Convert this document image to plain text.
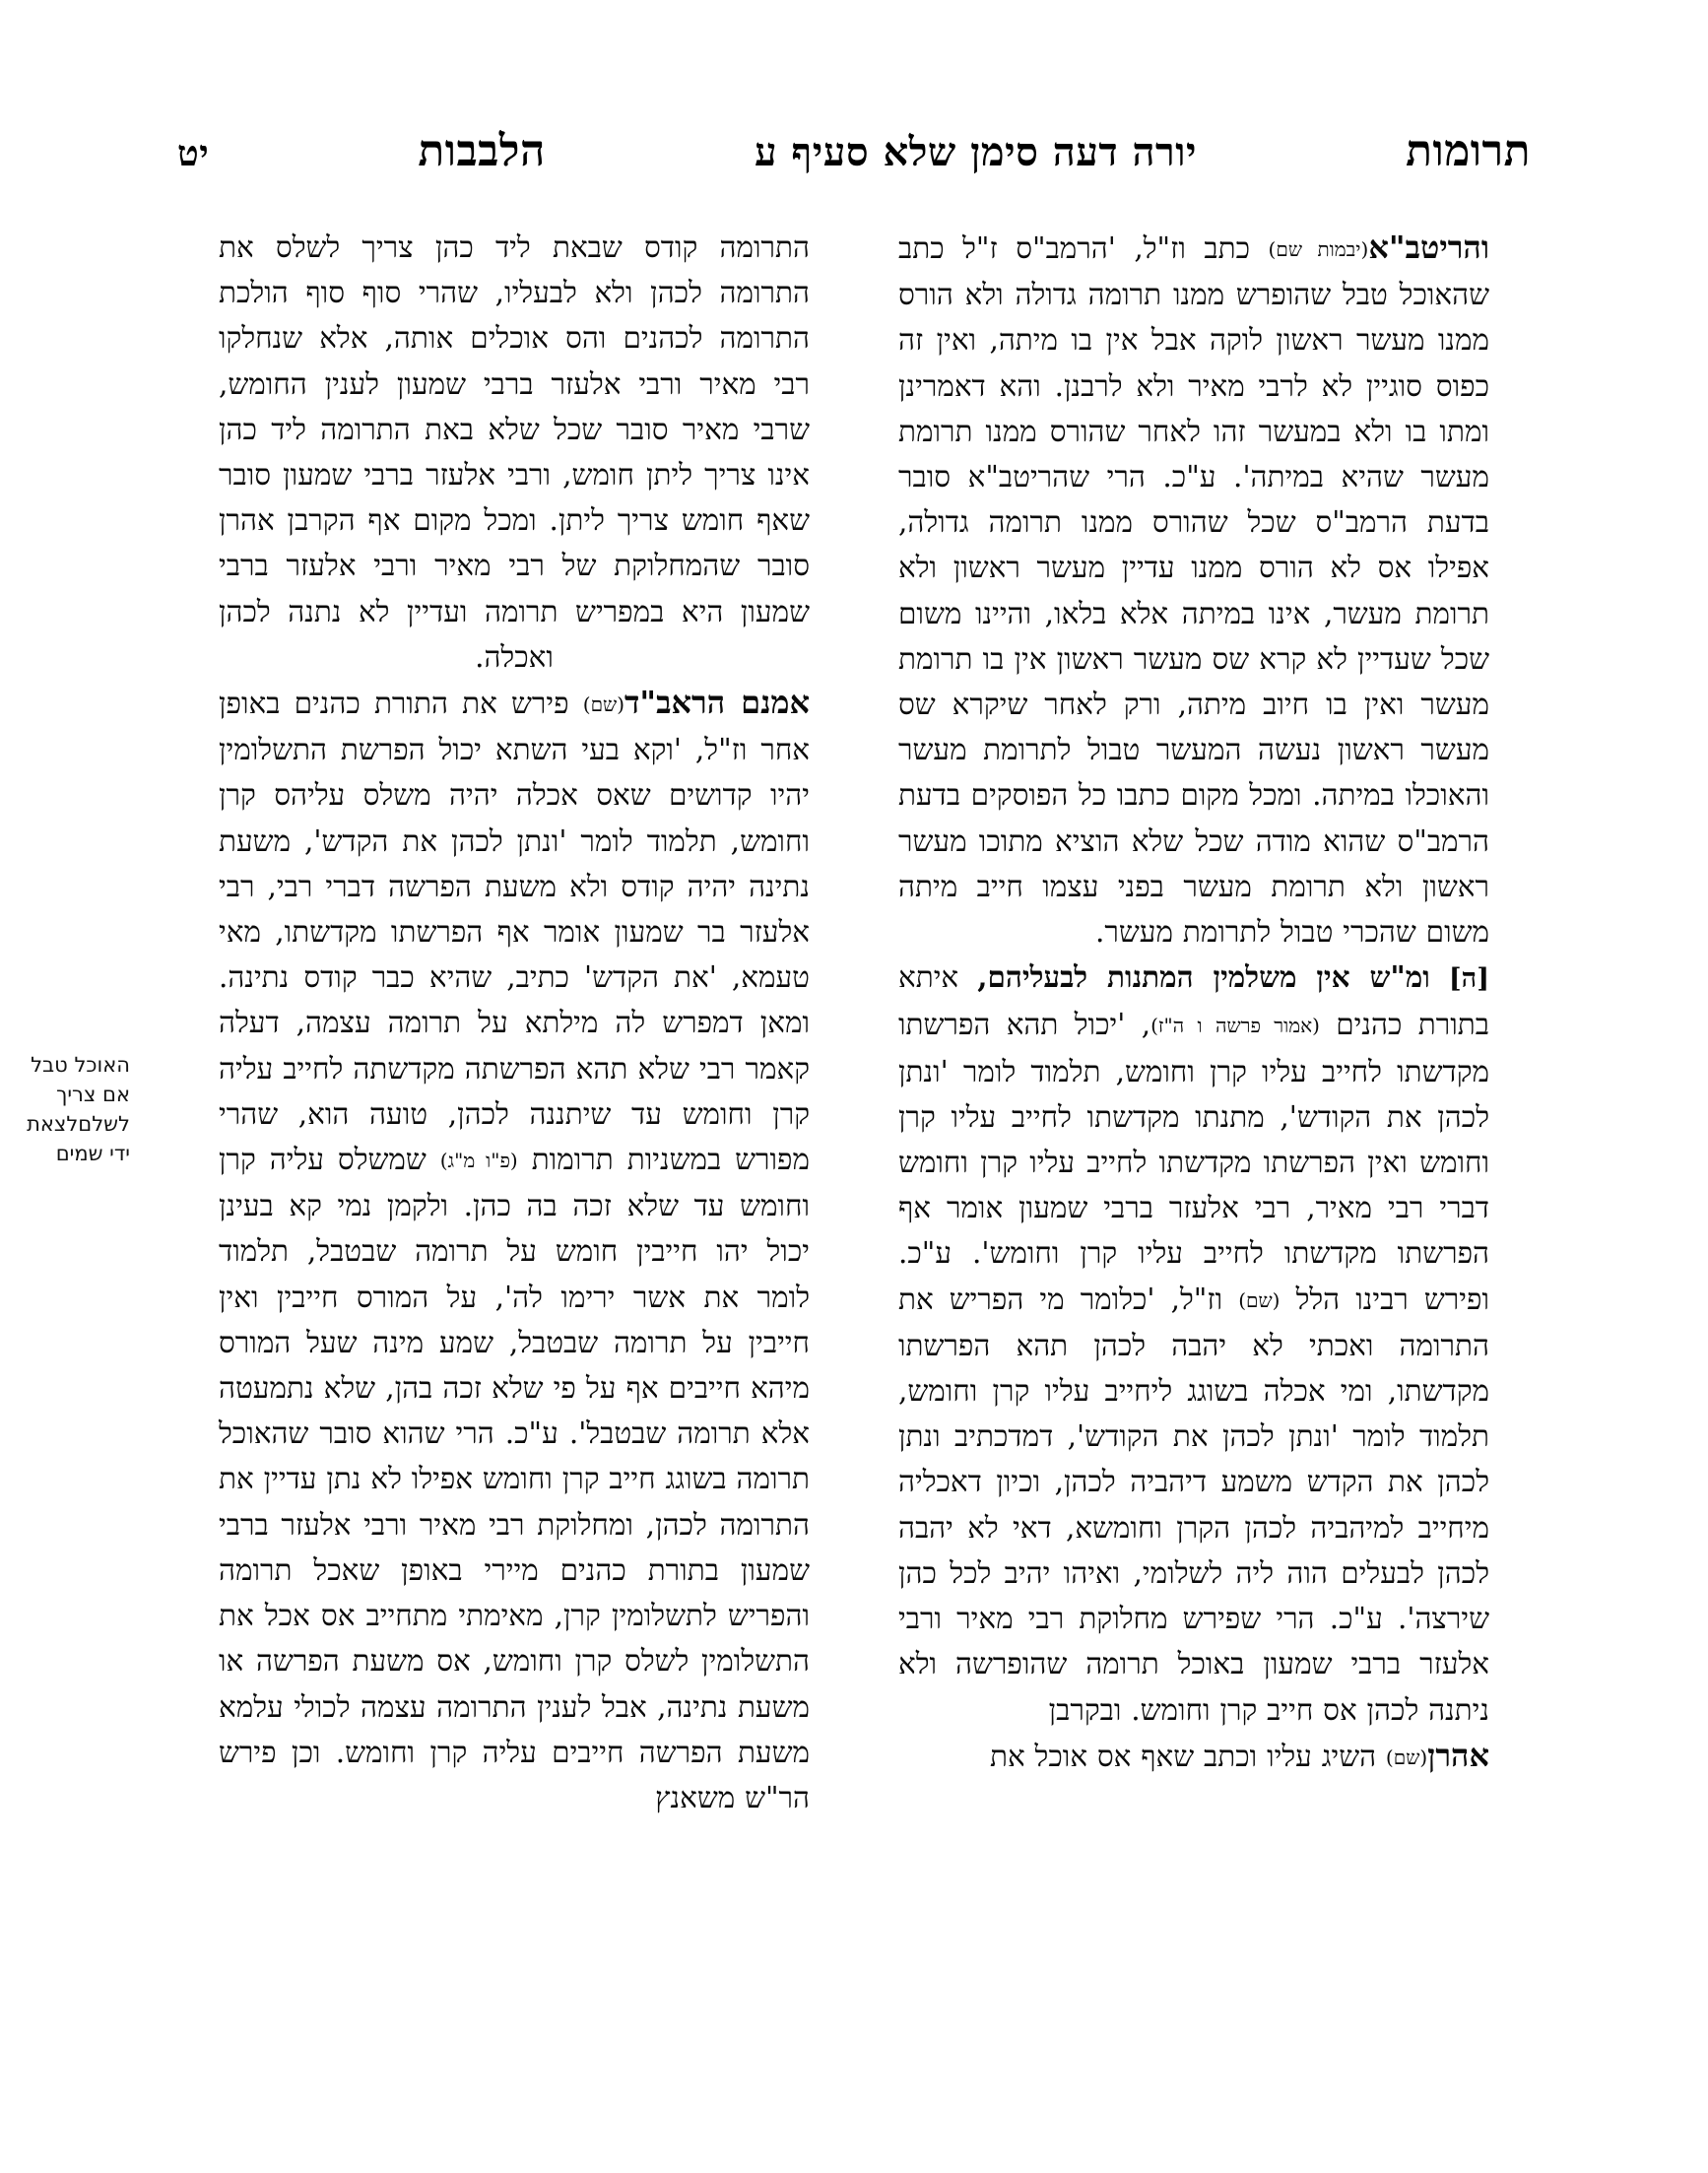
תרומות
יורה דעה סימן שלא סעיף ע
הלבבות
יט

והריטב"א(יבמות שם) כתב וז"ל, 'הרמב"ס ז"ל כתב שהאוכל טבל שהופרש ממנו תרומה גדולה ולא הורס ממנו מעשר ראשון לוקה אבל אין בו מיתה, ואין זה כפוס סוגיין לא לרבי מאיר ולא לרבנן. והא דאמרינן ומתו בו ולא במעשר זהו לאחר שהורס ממנו תרומת מעשר שהיא במיתה'. ע"כ. הרי שהריטב"א סובר בדעת הרמב"ס שכל שהורס ממנו תרומה גדולה, אפילו אס לא הורס ממנו עדיין מעשר ראשון ולא תרומת מעשר, אינו במיתה אלא בלאו, והיינו משום שכל שעדיין לא קרא שס מעשר ראשון אין בו תרומת מעשר ואין בו חיוב מיתה, ורק לאחר שיקרא שס מעשר ראשון נעשה המעשר טבול לתרומת מעשר והאוכלו במיתה. ומכל מקום כתבו כל הפוסקים בדעת הרמב"ס שהוא מודה שכל שלא הוציא מתוכו מעשר ראשון ולא תרומת מעשר בפני עצמו חייב מיתה משום שהכרי טבול לתרומת מעשר.

[ה] ומ"ש אין משלמין המתנות לבעליהם, איתא בתורת כהנים (אמור פרשה ו ה"ז), 'יכול תהא הפרשתו מקדשתו לחייב עליו קרן וחומש, תלמוד לומר 'ונתן לכהן את הקודש', מתנתו מקדשתו לחייב עליו קרן וחומש ואין הפרשתו מקדשתו לחייב עליו קרן וחומש דברי רבי מאיר, רבי אלעזר ברבי שמעון אומר אף הפרשתו מקדשתו לחייב עליו קרן וחומש'. ע"כ. ופירש רבינו הלל (שם) וז"ל, 'כלומר מי הפריש את התרומה ואכתי לא יהבה לכהן תהא הפרשתו מקדשתו, ומי אכלה בשוגג ליחייב עליו קרן וחומש, תלמוד לומר 'ונתן לכהן את הקודש', דמדכתיב ונתן לכהן את הקדש משמע דיהביה לכהן, וכיון דאכליה מיחייב למיהביה לכהן הקרן וחומשא, דאי לא יהבה לכהן לבעלים הוה ליה לשלומי, ואיהו יהיב לכל כהן שירצה'. ע"כ. הרי שפירש מחלוקת רבי מאיר ורבי אלעזר ברבי שמעון באוכל תרומה שהופרשה ולא ניתנה לכהן אס חייב קרן וחומש. ובקרבן

אהרן(שם) השיג עליו וכתב שאף אס אוכל את

התרומה קודס שבאת ליד כהן צריך לשלס את התרומה לכהן ולא לבעליו, שהרי סוף סוף הולכת התרומה לכהנים והס אוכלים אותה, אלא שנחלקו רבי מאיר ורבי אלעזר ברבי שמעון לענין החומש, שרבי מאיר סובר שכל שלא באת התרומה ליד כהן אינו צריך ליתן חומש, ורבי אלעזר ברבי שמעון סובר שאף חומש צריך ליתן. ומכל מקום אף הקרבן אהרן סובר שהמחלוקת של רבי מאיר ורבי אלעזר ברבי שמעון היא במפריש תרומה ועדיין לא נתנה לכהן ואכלה.

אמנם הראב"ד(שם) פירש את התורת כהנים באופן אחר וז"ל, 'וקא בעי השתא יכול הפרשת התשלומין יהיו קדושים שאס אכלה יהיה משלס עליהס קרן וחומש, תלמוד לומר 'ונתן לכהן את הקדש', משעת נתינה יהיה קודס ולא משעת הפרשה דברי רבי, רבי אלעזר בר שמעון אומר אף הפרשתו מקדשתו, מאי טעמא, 'את הקדש' כתיב, שהיא כבר קודס נתינה. ומאן דמפרש לה מילתא על תרומה עצמה, דעלה קאמר רבי שלא תהא הפרשתה מקדשתה לחייב עליה קרן וחומש עד שיתננה לכהן, טועה הוא, שהרי מפורש במשניות תרומות (פ"ו מ"ג) שמשלס עליה קרן וחומש עד שלא זכה בה כהן. ולקמן נמי קא בעינן יכול יהו חייבין חומש על תרומה שבטבל, תלמוד לומר את אשר ירימו לה', על המורס חייבין ואין חייבין על תרומה שבטבל, שמע מינה שעל המורס מיהא חייבים אף על פי שלא זכה בהן, שלא נתמעטה אלא תרומה שבטבל'. ע"כ. הרי שהוא סובר שהאוכל תרומה בשוגג חייב קרן וחומש אפילו לא נתן עדיין את התרומה לכהן, ומחלוקת רבי מאיר ורבי אלעזר ברבי שמעון בתורת כהנים מיירי באופן שאכל תרומה והפריש לתשלומין קרן, מאימתי מתחייב אס אכל את התשלומין לשלס קרן וחומש, אס משעת הפרשה או משעת נתינה, אבל לענין התרומה עצמה לכולי עלמא משעת הפרשה חייבים עליה קרן וחומש. וכן פירש הר"ש משאנץ

האוכל טבל
אם צריך
לשלםלצאת
ידי שמים
